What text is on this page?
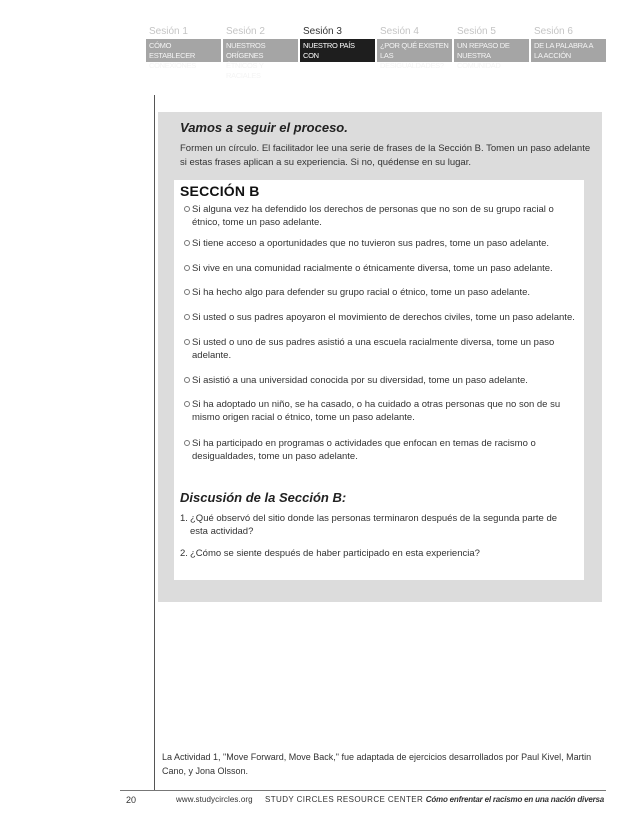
Sesión 1
CÓMO ESTABLECER CONEXIONES
Sesión 2
NUESTROS ORÍGENES ÉTNICOS Y RACIALES
Sesión 3
NUESTRO PAÍS CON DESIGUALDADES
Sesión 4
¿POR QUÉ EXISTEN LAS DESIGUALDADES?
Sesión 5
UN REPASO DE NUESTRA COMUNIDAD
Sesión 6
DE LA PALABRA A LA ACCIÓN
Vamos a seguir el proceso.
Formen un círculo. El facilitador lee una serie de frases de la Sección B. Tomen un paso adelante si estas frases aplican a su experiencia. Si no, quédense en su lugar.
SECCIÓN B
Si alguna vez ha defendido los derechos de personas que no son de su grupo racial o étnico, tome un paso adelante.
Si tiene acceso a oportunidades que no tuvieron sus padres, tome un paso adelante.
Si vive en una comunidad racialmente o étnicamente diversa, tome un paso adelante.
Si ha hecho algo para defender su grupo racial o étnico, tome un paso adelante.
Si usted o sus padres apoyaron el movimiento de derechos civiles, tome un paso adelante.
Si usted o uno de sus padres asistió a una escuela racialmente diversa, tome un paso adelante.
Si asistió a una universidad conocida por su diversidad, tome un paso adelante.
Si ha adoptado un niño, se ha casado, o ha cuidado a otras personas que no son de su mismo origen racial o étnico, tome un paso adelante.
Si ha participado en programas o actividades que enfocan en temas de racismo o desigualdades, tome un paso adelante.
Discusión de la Sección B:
1. ¿Qué observó del sitio donde las personas terminaron después de la segunda parte de esta actividad?
2. ¿Cómo se siente después de haber participado en esta experiencia?
La Actividad 1, "Move Forward, Move Back," fue adaptada de ejercicios desarrollados por Paul Kivel, Martin Cano, y Jona Olsson.
20	www.studycircles.org STUDY CIRCLES RESOURCE CENTER Cómo enfrentar el racismo en una nación diversa
